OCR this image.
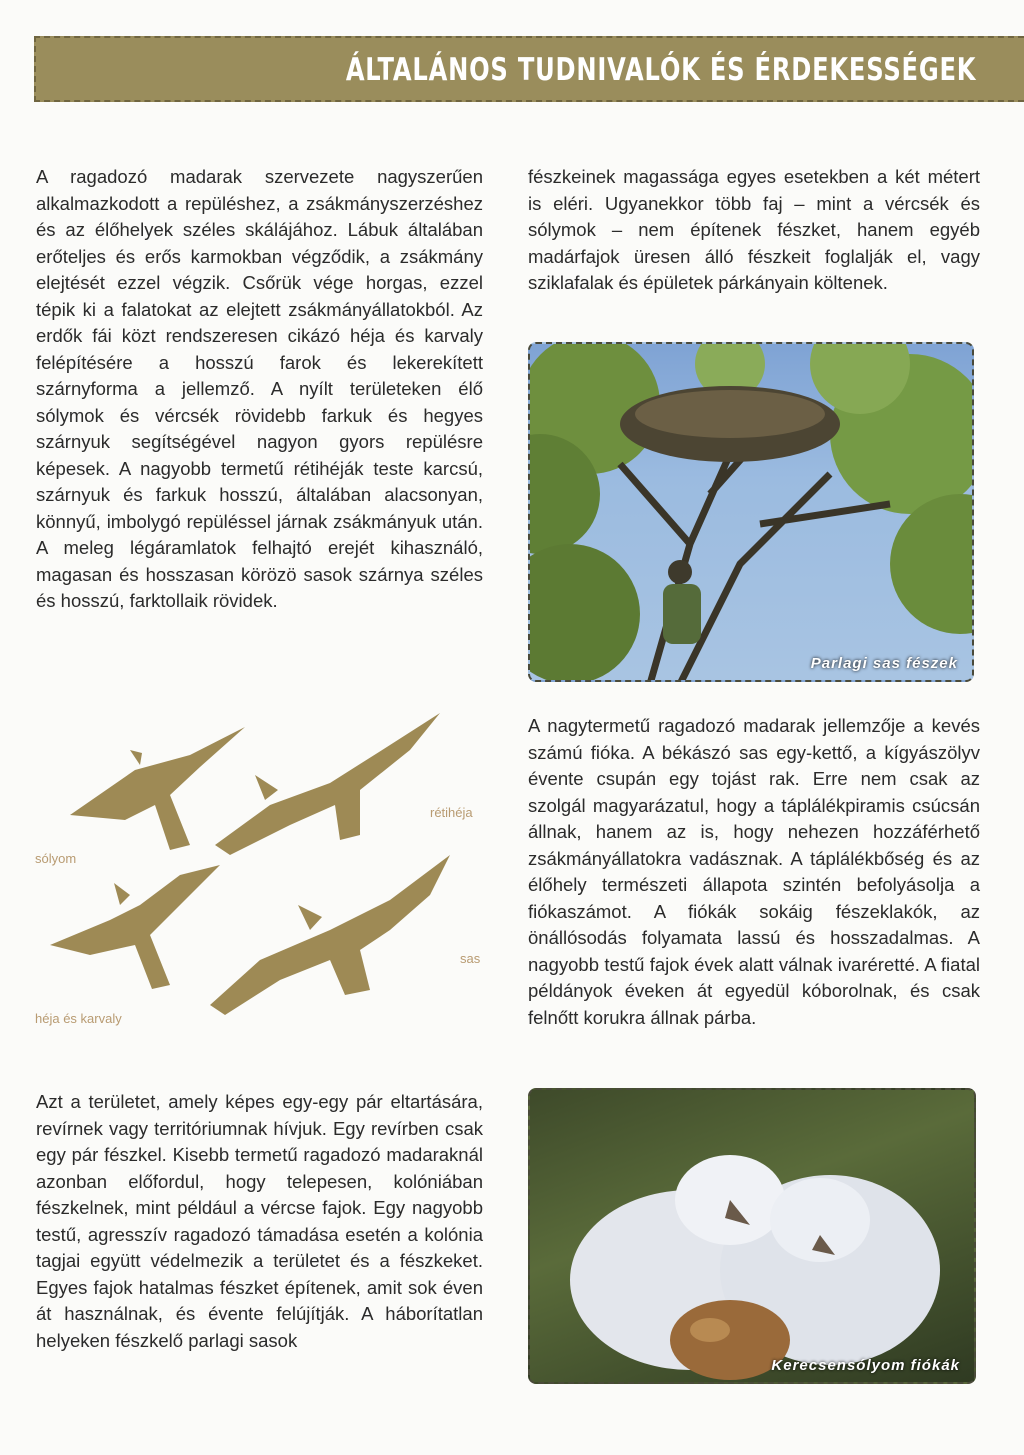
ÁLTALÁNOS TUDNIVALÓK ÉS ÉRDEKESSÉGEK

A ragadozó madarak szervezete nagyszerűen alkalmazkodott a repüléshez, a zsákmányszerzéshez és az élőhelyek széles skálájához. Lábuk általában erőteljes és erős karmokban végződik, a zsákmány elejtését ezzel végzik. Csőrük vége horgas, ezzel tépik ki a falatokat az elejtett zsákmányállatokból. Az erdők fái közt rendszeresen cikázó héja és karvaly felépítésére a hosszú farok és lekerekített szárnyforma a jellemző. A nyílt területeken élő sólymok és vércsék rövidebb farkuk és hegyes szárnyuk segítségével nagyon gyors repülésre képesek. A nagyobb termetű rétihéják teste karcsú, szárnyuk és farkuk hosszú, általában alacsonyan, könnyű, imbolygó repüléssel járnak zsákmányuk után. A meleg légáramlatok felhajtó erejét kihasználó, magasan és hosszasan körözö sasok szárnya széles és hosszú, farktollaik rövidek.

fészkeinek magassága egyes esetekben a két métert is eléri. Ugyanekkor több faj – mint a vércsék és sólymok – nem építenek fészket, hanem egyéb madárfajok üresen álló fészkeit foglalják el, vagy sziklafalak és épületek párkányain költenek.

Parlagi sas fészek
sólyom
rétihéja
héja és karvaly
sas

A nagytermetű ragadozó madarak jellemzője a kevés számú fióka. A békászó sas egy-kettő, a kígyászölyv évente csupán egy tojást rak. Erre nem csak az szolgál magyarázatul, hogy a táplálékpiramis csúcsán állnak, hanem az is, hogy nehezen hozzáférhető zsákmányállatokra vadásznak. A táplálékbőség és az élőhely természeti állapota szintén befolyásolja a fiókaszámot. A fiókák sokáig fészeklakók, az önállósodás folyamata lassú és hosszadalmas. A nagyobb testű fajok évek alatt válnak ivaréretté. A fiatal példányok éveken át egyedül kóborolnak, és csak felnőtt korukra állnak párba.

Azt a területet, amely képes egy-egy pár eltartására, revírnek vagy territóriumnak hívjuk. Egy revírben csak egy pár fészkel. Kisebb termetű ragadozó madaraknál azonban előfordul, hogy telepesen, kolóniában fészkelnek, mint például a vércse fajok. Egy nagyobb testű, agresszív ragadozó támadása esetén a kolónia tagjai együtt védelmezik a területet és a fészkeket. Egyes fajok hatalmas fészket építenek, amit sok éven át használnak, és évente felújítják. A háborítatlan helyeken fészkelő parlagi sasok

Kerecsensólyom fiókák
